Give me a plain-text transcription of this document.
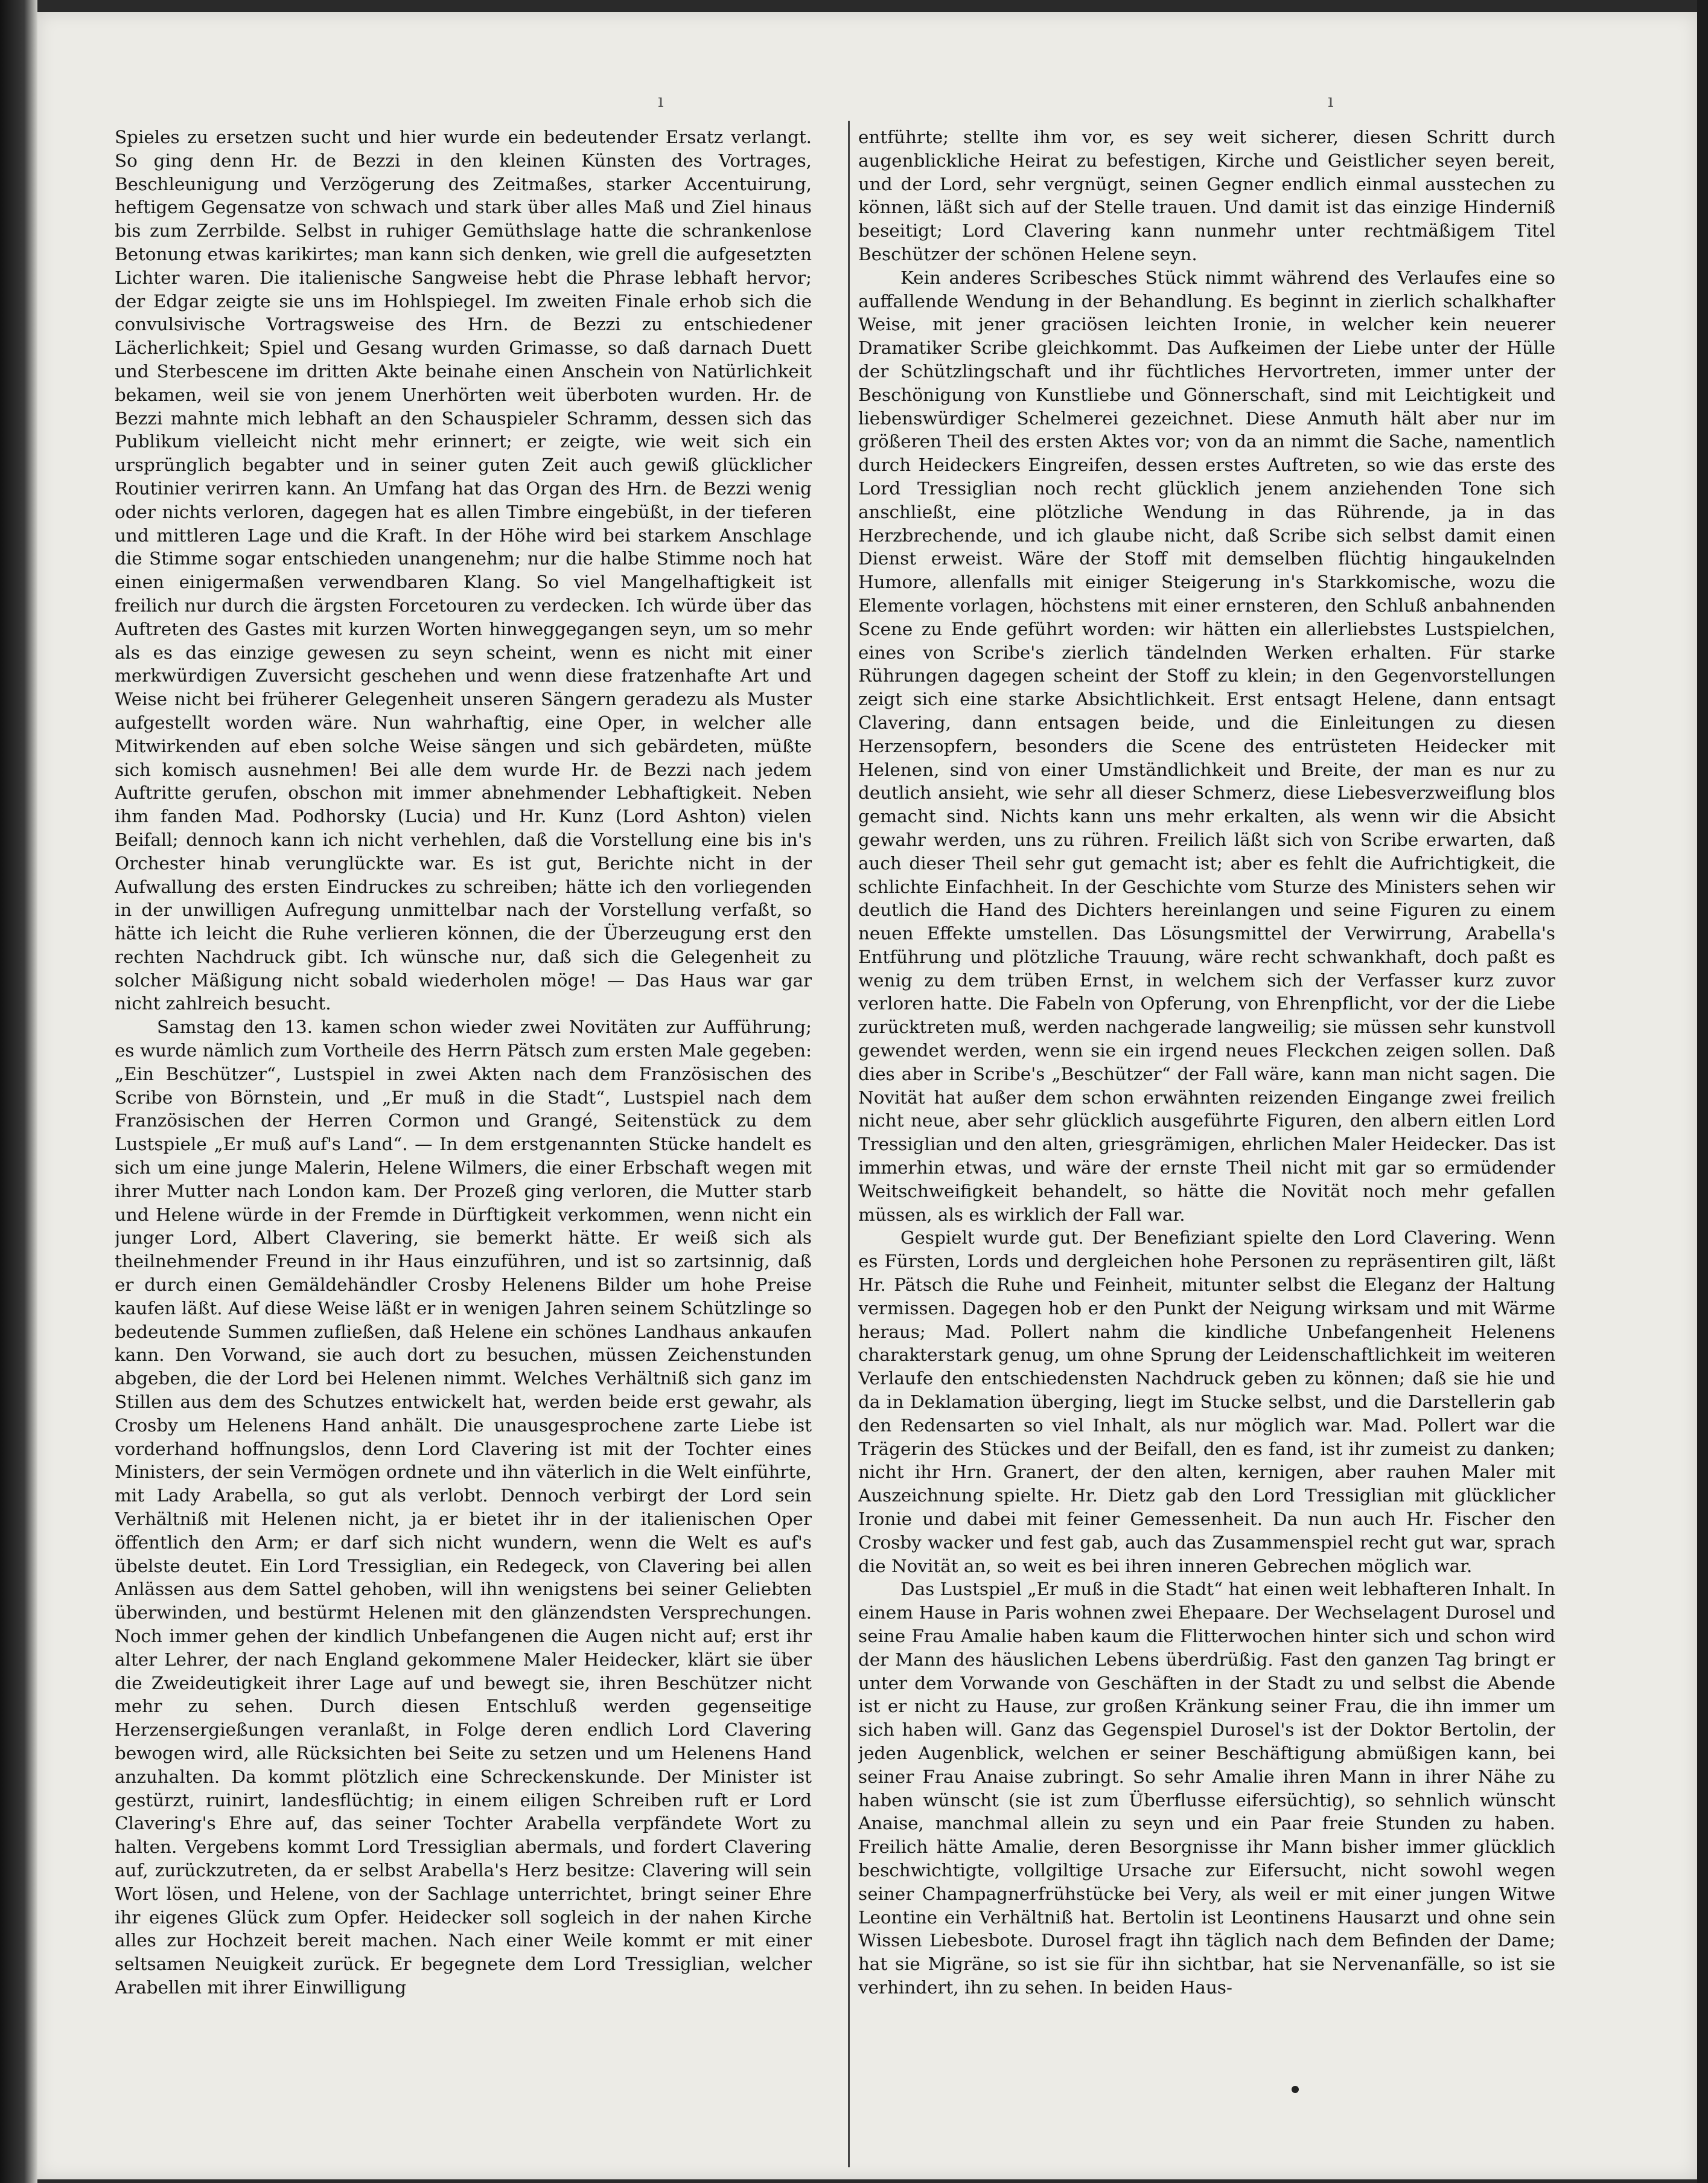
ı	ı

Spieles zu ersetzen sucht und hier wurde ein bedeutender Ersatz verlangt. So ging denn Hr. de Bezzi in den kleinen Künsten des Vortrages, Beschleunigung und Verzögerung des Zeitmaßes, starker Accentuirung, heftigem Gegensatze von schwach und stark über alles Maß und Ziel hinaus bis zum Zerrbilde. Selbst in ruhiger Gemüthslage hatte die schrankenlose Betonung etwas karikirtes; man kann sich denken, wie grell die aufgesetzten Lichter waren. Die italienische Sangweise hebt die Phrase lebhaft hervor; der Edgar zeigte sie uns im Hohlspiegel. Im zweiten Finale erhob sich die convulsivische Vortragsweise des Hrn. de Bezzi zu entschiedener Lächerlichkeit; Spiel und Gesang wurden Grimasse, so daß darnach Duett und Sterbescene im dritten Akte beinahe einen Anschein von Natürlichkeit bekamen, weil sie von jenem Unerhörten weit überboten wurden. Hr. de Bezzi mahnte mich lebhaft an den Schauspieler Schramm, dessen sich das Publikum vielleicht nicht mehr erinnert; er zeigte, wie weit sich ein ursprünglich begabter und in seiner guten Zeit auch gewiß glücklicher Routinier verirren kann. An Umfang hat das Organ des Hrn. de Bezzi wenig oder nichts verloren, dagegen hat es allen Timbre eingebüßt, in der tieferen und mittleren Lage und die Kraft. In der Höhe wird bei starkem Anschlage die Stimme sogar entschieden unangenehm; nur die halbe Stimme noch hat einen einigermaßen verwendbaren Klang. So viel Mangelhaftigkeit ist freilich nur durch die ärgsten Forcetouren zu verdecken. Ich würde über das Auftreten des Gastes mit kurzen Worten hinweggegangen seyn, um so mehr als es das einzige gewesen zu seyn scheint, wenn es nicht mit einer merkwürdigen Zuversicht geschehen und wenn diese fratzenhafte Art und Weise nicht bei früherer Gelegenheit unseren Sängern geradezu als Muster aufgestellt worden wäre. Nun wahrhaftig, eine Oper, in welcher alle Mitwirkenden auf eben solche Weise sängen und sich gebärdeten, müßte sich komisch ausnehmen! Bei alle dem wurde Hr. de Bezzi nach jedem Auftritte gerufen, obschon mit immer abnehmender Lebhaftigkeit. Neben ihm fanden Mad. Podhorsky (Lucia) und Hr. Kunz (Lord Ashton) vielen Beifall; dennoch kann ich nicht verhehlen, daß die Vorstellung eine bis in's Orchester hinab verunglückte war. Es ist gut, Berichte nicht in der Aufwallung des ersten Eindruckes zu schreiben; hätte ich den vorliegenden in der unwilligen Aufregung unmittelbar nach der Vorstellung verfaßt, so hätte ich leicht die Ruhe verlieren können, die der Überzeugung erst den rechten Nachdruck gibt. Ich wünsche nur, daß sich die Gelegenheit zu solcher Mäßigung nicht sobald wiederholen möge! — Das Haus war gar nicht zahlreich besucht.

Samstag den 13. kamen schon wieder zwei Novitäten zur Aufführung; es wurde nämlich zum Vortheile des Herrn Pätsch zum ersten Male gegeben: „Ein Beschützer“, Lustspiel in zwei Akten nach dem Französischen des Scribe von Börnstein, und „Er muß in die Stadt“, Lustspiel nach dem Französischen der Herren Cormon und Grangé, Seitenstück zu dem Lustspiele „Er muß auf's Land“. — In dem erstgenannten Stücke handelt es sich um eine junge Malerin, Helene Wilmers, die einer Erbschaft wegen mit ihrer Mutter nach London kam. Der Prozeß ging verloren, die Mutter starb und Helene würde in der Fremde in Dürftigkeit verkommen, wenn nicht ein junger Lord, Albert Clavering, sie bemerkt hätte. Er weiß sich als theilnehmender Freund in ihr Haus einzuführen, und ist so zartsinnig, daß er durch einen Gemäldehändler Crosby Helenens Bilder um hohe Preise kaufen läßt. Auf diese Weise läßt er in wenigen Jahren seinem Schützlinge so bedeutende Summen zufließen, daß Helene ein schönes Landhaus ankaufen kann. Den Vorwand, sie auch dort zu besuchen, müssen Zeichenstunden abgeben, die der Lord bei Helenen nimmt. Welches Verhältniß sich ganz im Stillen aus dem des Schutzes entwickelt hat, werden beide erst gewahr, als Crosby um Helenens Hand anhält. Die unausgesprochene zarte Liebe ist vorderhand hoffnungslos, denn Lord Clavering ist mit der Tochter eines Ministers, der sein Vermögen ordnete und ihn väterlich in die Welt einführte, mit Lady Arabella, so gut als verlobt. Dennoch verbirgt der Lord sein Verhältniß mit Helenen nicht, ja er bietet ihr in der italienischen Oper öffentlich den Arm; er darf sich nicht wundern, wenn die Welt es auf's übelste deutet. Ein Lord Tressiglian, ein Redegeck, von Clavering bei allen Anlässen aus dem Sattel gehoben, will ihn wenigstens bei seiner Geliebten überwinden, und bestürmt Helenen mit den glänzendsten Versprechungen. Noch immer gehen der kindlich Unbefangenen die Augen nicht auf; erst ihr alter Lehrer, der nach England gekommene Maler Heidecker, klärt sie über die Zweideutigkeit ihrer Lage auf und bewegt sie, ihren Beschützer nicht mehr zu sehen. Durch diesen Entschluß werden gegenseitige Herzensergießungen veranlaßt, in Folge deren endlich Lord Clavering bewogen wird, alle Rücksichten bei Seite zu setzen und um Helenens Hand anzuhalten. Da kommt plötzlich eine Schreckenskunde. Der Minister ist gestürzt, ruinirt, landesflüchtig; in einem eiligen Schreiben ruft er Lord Clavering's Ehre auf, das seiner Tochter Arabella verpfändete Wort zu halten. Vergebens kommt Lord Tressiglian abermals, und fordert Clavering auf, zurückzutreten, da er selbst Arabella's Herz besitze: Clavering will sein Wort lösen, und Helene, von der Sachlage unterrichtet, bringt seiner Ehre ihr eigenes Glück zum Opfer. Heidecker soll sogleich in der nahen Kirche alles zur Hochzeit bereit machen. Nach einer Weile kommt er mit einer seltsamen Neuigkeit zurück. Er begegnete dem Lord Tressiglian, welcher Arabellen mit ihrer Einwilligung

entführte; stellte ihm vor, es sey weit sicherer, diesen Schritt durch augenblickliche Heirat zu befestigen, Kirche und Geistlicher seyen bereit, und der Lord, sehr vergnügt, seinen Gegner endlich einmal ausstechen zu können, läßt sich auf der Stelle trauen. Und damit ist das einzige Hinderniß beseitigt; Lord Clavering kann nunmehr unter rechtmäßigem Titel Beschützer der schönen Helene seyn.

Kein anderes Scribesches Stück nimmt während des Verlaufes eine so auffallende Wendung in der Behandlung. Es beginnt in zierlich schalkhafter Weise, mit jener graciösen leichten Ironie, in welcher kein neuerer Dramatiker Scribe gleichkommt. Das Aufkeimen der Liebe unter der Hülle der Schützlingschaft und ihr füchtliches Hervortreten, immer unter der Beschönigung von Kunstliebe und Gönnerschaft, sind mit Leichtigkeit und liebenswürdiger Schelmerei gezeichnet. Diese Anmuth hält aber nur im größeren Theil des ersten Aktes vor; von da an nimmt die Sache, namentlich durch Heideckers Eingreifen, dessen erstes Auftreten, so wie das erste des Lord Tressiglian noch recht glücklich jenem anziehenden Tone sich anschließt, eine plötzliche Wendung in das Rührende, ja in das Herzbrechende, und ich glaube nicht, daß Scribe sich selbst damit einen Dienst erweist. Wäre der Stoff mit demselben flüchtig hingaukelnden Humore, allenfalls mit einiger Steigerung in's Starkkomische, wozu die Elemente vorlagen, höchstens mit einer ernsteren, den Schluß anbahnenden Scene zu Ende geführt worden: wir hätten ein allerliebstes Lustspielchen, eines von Scribe's zierlich tändelnden Werken erhalten. Für starke Rührungen dagegen scheint der Stoff zu klein; in den Gegenvorstellungen zeigt sich eine starke Absichtlichkeit. Erst entsagt Helene, dann entsagt Clavering, dann entsagen beide, und die Einleitungen zu diesen Herzensopfern, besonders die Scene des entrüsteten Heidecker mit Helenen, sind von einer Umständlichkeit und Breite, der man es nur zu deutlich ansieht, wie sehr all dieser Schmerz, diese Liebesverzweiflung blos gemacht sind. Nichts kann uns mehr erkalten, als wenn wir die Absicht gewahr werden, uns zu rühren. Freilich läßt sich von Scribe erwarten, daß auch dieser Theil sehr gut gemacht ist; aber es fehlt die Aufrichtigkeit, die schlichte Einfachheit. In der Geschichte vom Sturze des Ministers sehen wir deutlich die Hand des Dichters hereinlangen und seine Figuren zu einem neuen Effekte umstellen. Das Lösungsmittel der Verwirrung, Arabella's Entführung und plötzliche Trauung, wäre recht schwankhaft, doch paßt es wenig zu dem trüben Ernst, in welchem sich der Verfasser kurz zuvor verloren hatte. Die Fabeln von Opferung, von Ehrenpflicht, vor der die Liebe zurücktreten muß, werden nachgerade langweilig; sie müssen sehr kunstvoll gewendet werden, wenn sie ein irgend neues Fleckchen zeigen sollen. Daß dies aber in Scribe's „Beschützer“ der Fall wäre, kann man nicht sagen. Die Novität hat außer dem schon erwähnten reizenden Eingange zwei freilich nicht neue, aber sehr glücklich ausgeführte Figuren, den albern eitlen Lord Tressiglian und den alten, griesgrämigen, ehrlichen Maler Heidecker. Das ist immerhin etwas, und wäre der ernste Theil nicht mit gar so ermüdender Weitschweifigkeit behandelt, so hätte die Novität noch mehr gefallen müssen, als es wirklich der Fall war.

Gespielt wurde gut. Der Benefiziant spielte den Lord Clavering. Wenn es Fürsten, Lords und dergleichen hohe Personen zu repräsentiren gilt, läßt Hr. Pätsch die Ruhe und Feinheit, mitunter selbst die Eleganz der Haltung vermissen. Dagegen hob er den Punkt der Neigung wirksam und mit Wärme heraus; Mad. Pollert nahm die kindliche Unbefangenheit Helenens charakterstark genug, um ohne Sprung der Leidenschaftlichkeit im weiteren Verlaufe den entschiedensten Nachdruck geben zu können; daß sie hie und da in Deklamation überging, liegt im Stucke selbst, und die Darstellerin gab den Redensarten so viel Inhalt, als nur möglich war. Mad. Pollert war die Trägerin des Stückes und der Beifall, den es fand, ist ihr zumeist zu danken; nicht ihr Hrn. Granert, der den alten, kernigen, aber rauhen Maler mit Auszeichnung spielte. Hr. Dietz gab den Lord Tressiglian mit glücklicher Ironie und dabei mit feiner Gemessenheit. Da nun auch Hr. Fischer den Crosby wacker und fest gab, auch das Zusammenspiel recht gut war, sprach die Novität an, so weit es bei ihren inneren Gebrechen möglich war.

Das Lustspiel „Er muß in die Stadt“ hat einen weit lebhafteren Inhalt. In einem Hause in Paris wohnen zwei Ehepaare. Der Wechselagent Durosel und seine Frau Amalie haben kaum die Flitterwochen hinter sich und schon wird der Mann des häuslichen Lebens überdrüßig. Fast den ganzen Tag bringt er unter dem Vorwande von Geschäften in der Stadt zu und selbst die Abende ist er nicht zu Hause, zur großen Kränkung seiner Frau, die ihn immer um sich haben will. Ganz das Gegenspiel Durosel's ist der Doktor Bertolin, der jeden Augenblick, welchen er seiner Beschäftigung abmüßigen kann, bei seiner Frau Anaise zubringt. So sehr Amalie ihren Mann in ihrer Nähe zu haben wünscht (sie ist zum Überflusse eifersüchtig), so sehnlich wünscht Anaise, manchmal allein zu seyn und ein Paar freie Stunden zu haben. Freilich hätte Amalie, deren Besorgnisse ihr Mann bisher immer glücklich beschwichtigte, vollgiltige Ursache zur Eifersucht, nicht sowohl wegen seiner Champagnerfrühstücke bei Very, als weil er mit einer jungen Witwe Leontine ein Verhältniß hat. Bertolin ist Leontinens Hausarzt und ohne sein Wissen Liebesbote. Durosel fragt ihn täglich nach dem Befinden der Dame; hat sie Migräne, so ist sie für ihn sichtbar, hat sie Nervenanfälle, so ist sie verhindert, ihn zu sehen. In beiden Haus-
